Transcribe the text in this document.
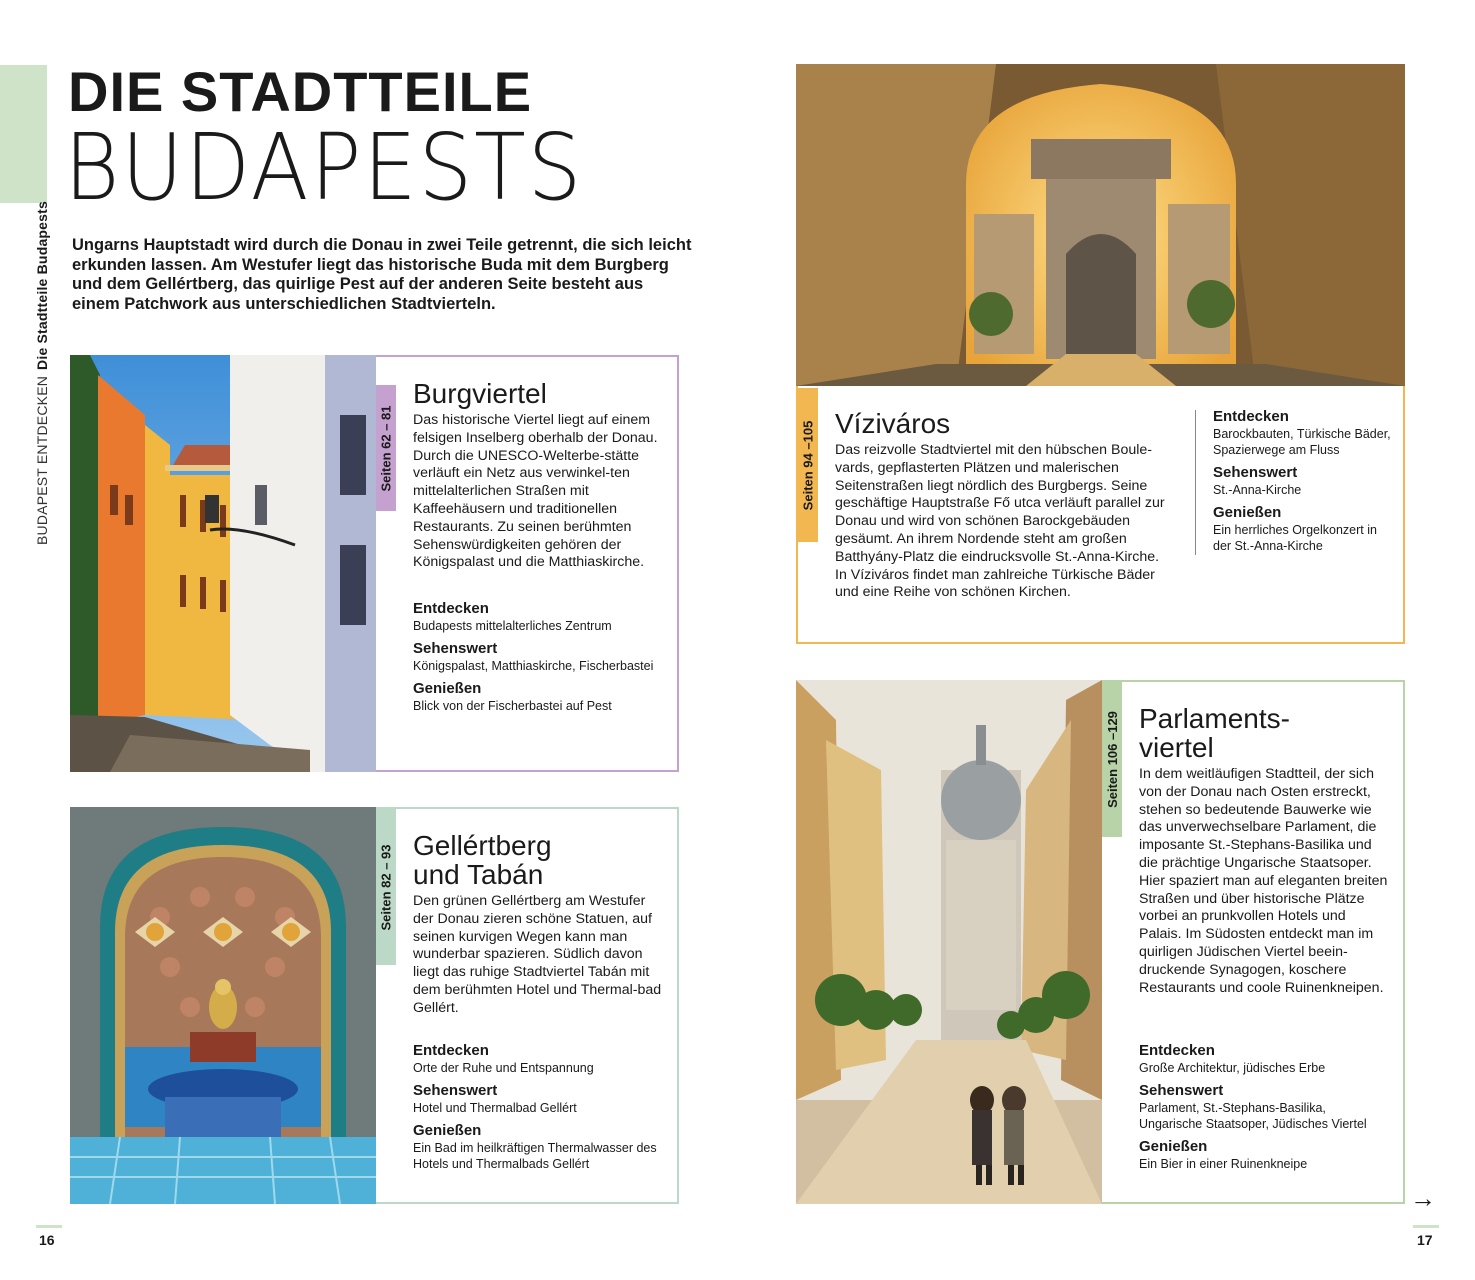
BUDAPEST ENTDECKENDie Stadtteile Budapests
DIE STADTTEILE
BUDAPESTS
Ungarns Hauptstadt wird durch die Donau in zwei Teile getrennt, die sich leicht erkunden lassen. Am Westufer liegt das historische Buda mit dem Burgberg und dem Gellértberg, das quirlige Pest auf der anderen Seite besteht aus einem Patchwork aus unterschiedlichen Stadtvierteln.
Seiten 62 – 81
Burgviertel
Das historische Viertel liegt auf einem felsigen Inselberg oberhalb der Donau. Durch die UNESCO-Welterbe-stätte verläuft ein Netz aus verwinkel-ten mittelalterlichen Straßen mit Kaffeehäusern und traditionellen Restaurants. Zu seinen berühmten Sehenswürdigkeiten gehören der Königspalast und die Matthiaskirche.
Entdecken
Budapests mittelalterliches Zentrum
Sehenswert
Königspalast, Matthiaskirche, Fischerbastei
Genießen
Blick von der Fischerbastei auf Pest
Seiten 82 – 93 Gellértberg und Tabán
Den grünen Gellértberg am Westufer der Donau zieren schöne Statuen, auf seinen kurvigen Wegen kann man wunderbar spazieren. Südlich davon liegt das ruhige Stadtviertel Tabán mit dem berühmten Hotel und Thermal-bad Gellért.
Entdecken
Orte der Ruhe und Entspannung
Sehenswert
Hotel und Thermalbad Gellért
Genießen
Ein Bad im heilkräftigen Thermalwasser des Hotels und Thermalbads Gellért
Seiten 94 –105 Víziváros
Das reizvolle Stadtviertel mit den hübschen Boule-vards, gepflasterten Plätzen und malerischen Seitenstraßen liegt nördlich des Burgbergs. Seine geschäftige Hauptstraße Fő utca verläuft parallel zur Donau und wird von schönen Barockgebäuden gesäumt. An ihrem Nordende steht am großen Batthyány-Platz die eindrucksvolle St.-Anna-Kirche. In Víziváros findet man zahlreiche Türkische Bäder und eine Reihe von schönen Kirchen.
Entdecken
Barockbauten, Türkische Bäder, Spazierwege am Fluss
Sehenswert
St.-Anna-Kirche
Genießen
Ein herrliches Orgelkonzert in der St.-Anna-Kirche
Seiten 106 –129 Parlaments-viertel
In dem weitläufigen Stadtteil, der sich von der Donau nach Osten erstreckt, stehen so bedeutende Bauwerke wie das unverwechselbare Parlament, die imposante St.-Stephans-Basilika und die prächtige Ungarische Staatsoper. Hier spaziert man auf eleganten breiten Straßen und über historische Plätze vorbei an prunkvollen Hotels und Palais. Im Südosten entdeckt man im quirligen Jüdischen Viertel beein-druckende Synagogen, koschere Restaurants und coole Ruinenkneipen.
Entdecken
Große Architektur, jüdisches Erbe
Sehenswert
Parlament, St.-Stephans-Basilika, Ungarische Staatsoper, Jüdisches Viertel
Genießen
Ein Bier in einer Ruinenkneipe
16	17
→
